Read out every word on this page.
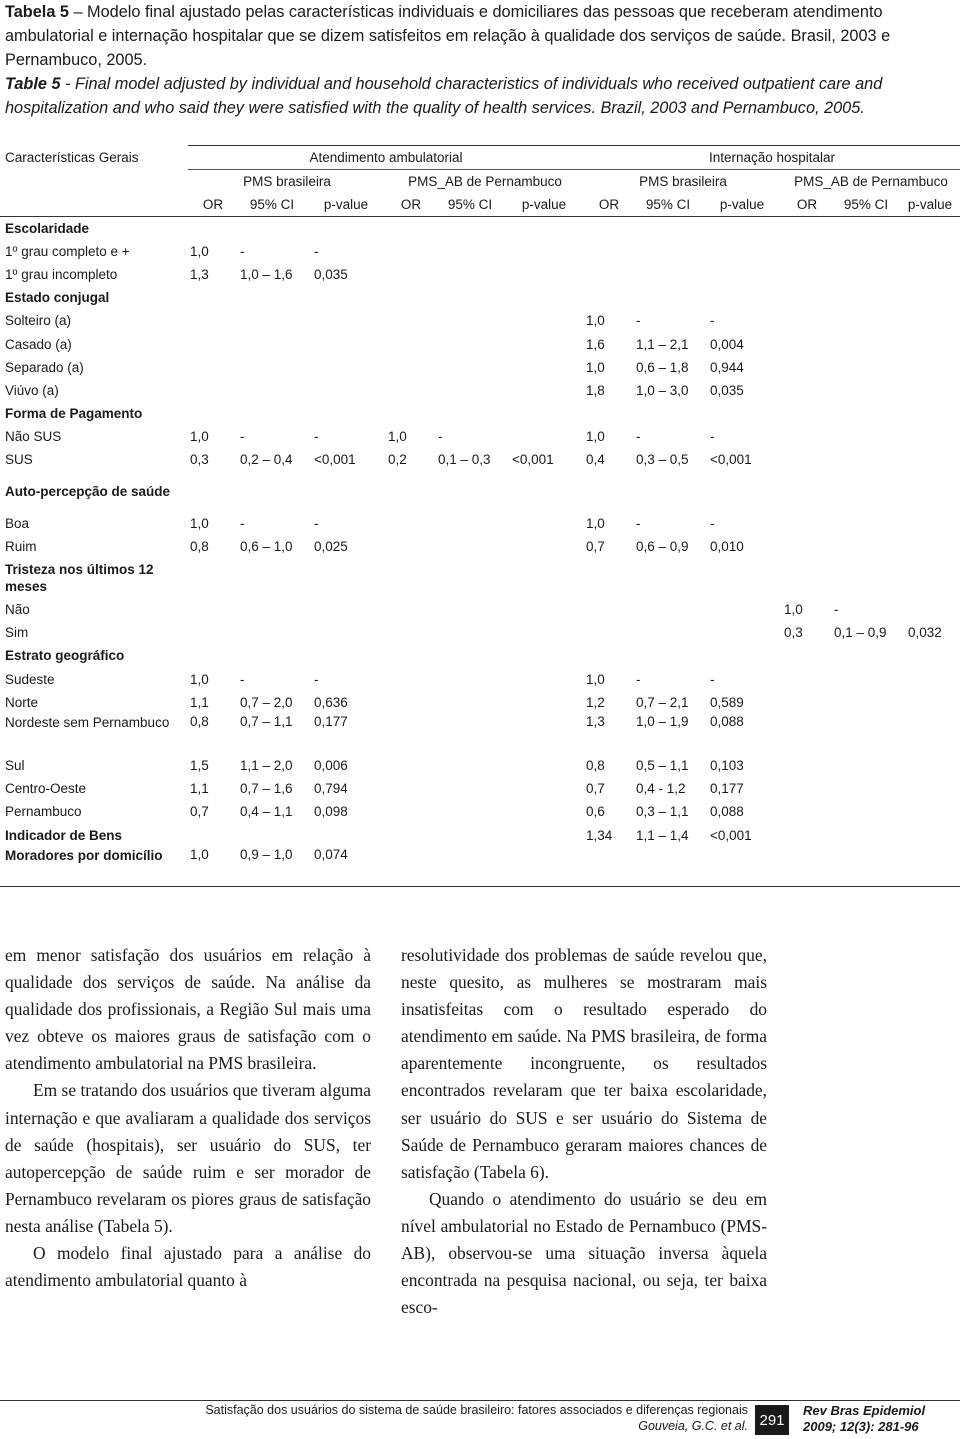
Tabela 5 – Modelo final ajustado pelas características individuais e domiciliares das pessoas que receberam atendimento ambulatorial e internação hospitalar que se dizem satisfeitos em relação à qualidade dos serviços de saúde. Brasil, 2003 e Pernambuco, 2005.

Table 5 - Final model adjusted by individual and household characteristics of individuals who received outpatient care and hospitalization and who said they were satisfied with the quality of health services. Brazil, 2003 and Pernambuco, 2005.

Características Gerais	Atendimento ambulatorial						Internação hospitalar					
	PMS brasileira			PMS_AB de Pernambuco			PMS brasileira			PMS_AB de Pernambuco		
	OR	95% CI	p-value	OR	95% CI	p-value	OR	95% CI	p-value	OR	95% CI	p-value
Escolaridade												
1º grau completo e +	1,0	-	-									
1º grau incompleto	1,3	1,0 – 1,6	0,035									
Estado conjugal												
Solteiro (a)							1,0	-	-			
Casado (a)							1,6	1,1 – 2,1	0,004			
Separado (a)							1,0	0,6 – 1,8	0,944			
Viúvo (a)							1,8	1,0 – 3,0	0,035			
Forma de Pagamento												
Não SUS	1,0	-	-	1,0	-		1,0	-	-			
SUS	0,3	0,2 – 0,4	<0,001	0,2	0,1 – 0,3	<0,001	0,4	0,3 – 0,5	<0,001			
Auto-percepção de saúde												
Boa	1,0	-	-				1,0	-	-			
Ruim	0,8	0,6 – 1,0	0,025				0,7	0,6 – 0,9	0,010			
Tristeza nos últimos 12 meses												
Não										1,0	-	
Sim										0,3	0,1 – 0,9	0,032
Estrato geográfico												
Sudeste	1,0	-	-				1,0	-	-			
Norte	1,1	0,7 – 2,0	0,636				1,2	0,7 – 2,1	0,589			
Nordeste sem Pernambuco	0,8	0,7 – 1,1	0,177				1,3	1,0 – 1,9	0,088			
Sul	1,5	1,1 – 2,0	0,006				0,8	0,5 – 1,1	0,103			
Centro-Oeste	1,1	0,7 – 1,6	0,794				0,7	0,4 - 1,2	0,177			
Pernambuco	0,7	0,4 – 1,1	0,098				0,6	0,3 – 1,1	0,088			
Indicador de Bens							1,34	1,1 – 1,4	<0,001			
Moradores por domicílio	1,0	0,9 – 1,0	0,074									

em menor satisfação dos usuários em relação à qualidade dos serviços de saúde. Na análise da qualidade dos profissionais, a Região Sul mais uma vez obteve os maiores graus de satisfação com o atendimento ambulatorial na PMS brasileira.

Em se tratando dos usuários que tiveram alguma internação e que avaliaram a qualidade dos serviços de saúde (hospitais), ser usuário do SUS, ter autopercepção de saúde ruim e ser morador de Pernambuco revelaram os piores graus de satisfação nesta análise (Tabela 5).

O modelo final ajustado para a análise do atendimento ambulatorial quanto à

resolutividade dos problemas de saúde revelou que, neste quesito, as mulheres se mostraram mais insatisfeitas com o resultado esperado do atendimento em saúde. Na PMS brasileira, de forma aparentemente incongruente, os resultados encontrados revelaram que ter baixa escolaridade, ser usuário do SUS e ser usuário do Sistema de Saúde de Pernambuco geraram maiores chances de satisfação (Tabela 6).

Quando o atendimento do usuário se deu em nível ambulatorial no Estado de Pernambuco (PMS-AB), observou-se uma situação inversa àquela encontrada na pesquisa nacional, ou seja, ter baixa esco-

Satisfação dos usuários do sistema de saúde brasileiro: fatores associados e diferenças regionais
Gouveia, G.C. et al. 291
Rev Bras Epidemiol
2009; 12(3): 281-96
